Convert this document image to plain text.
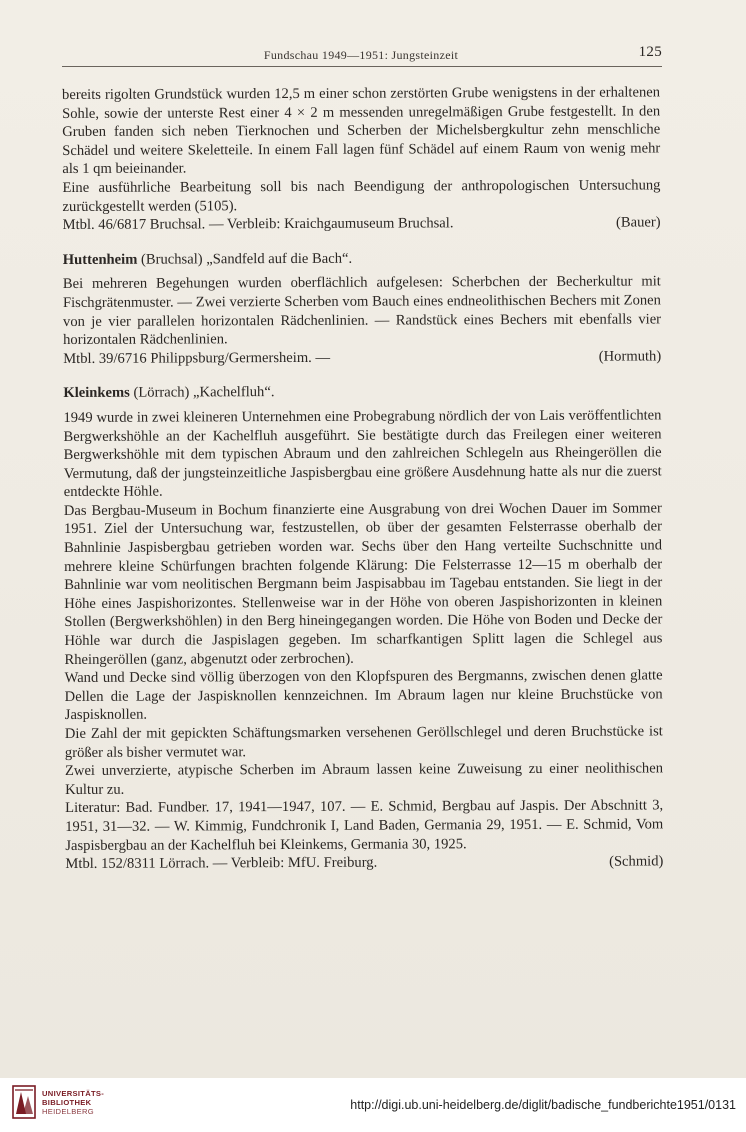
Fundschau 1949—1951: Jungsteinzeit	125

bereits rigolten Grundstück wurden 12,5 m einer schon zerstörten Grube wenigstens in der erhaltenen Sohle, sowie der unterste Rest einer 4 × 2 m messenden unregelmäßigen Grube festgestellt. In den Gruben fanden sich neben Tierknochen und Scherben der Michelsbergkultur zehn menschliche Schädel und weitere Skeletteile. In einem Fall lagen fünf Schädel auf einem Raum von wenig mehr als 1 qm beieinander.

Eine ausführliche Bearbeitung soll bis nach Beendigung der anthropologischen Untersuchung zurückgestellt werden (5105).

Mtbl. 46/6817 Bruchsal. — Verbleib: Kraichgaumuseum Bruchsal.	(Bauer)

Huttenheim (Bruchsal) „Sandfeld auf die Bach“.

Bei mehreren Begehungen wurden oberflächlich aufgelesen: Scherbchen der Becherkultur mit Fischgrätenmuster. — Zwei verzierte Scherben vom Bauch eines endneolithischen Bechers mit Zonen von je vier parallelen horizontalen Rädchenlinien. — Randstück eines Bechers mit ebenfalls vier horizontalen Rädchenlinien.

Mtbl. 39/6716 Philippsburg/Germersheim. —	(Hormuth)

Kleinkems (Lörrach) „Kachelfluh“.

1949 wurde in zwei kleineren Unternehmen eine Probegrabung nördlich der von Lais veröffentlichten Bergwerkshöhle an der Kachelfluh ausgeführt. Sie bestätigte durch das Freilegen einer weiteren Bergwerkshöhle mit dem typischen Abraum und den zahlreichen Schlegeln aus Rheingeröllen die Vermutung, daß der jungsteinzeitliche Jaspisbergbau eine größere Ausdehnung hatte als nur die zuerst entdeckte Höhle.

Das Bergbau-Museum in Bochum finanzierte eine Ausgrabung von drei Wochen Dauer im Sommer 1951. Ziel der Untersuchung war, festzustellen, ob über der gesamten Felsterrasse oberhalb der Bahnlinie Jaspisbergbau getrieben worden war. Sechs über den Hang verteilte Suchschnitte und mehrere kleine Schürfungen brachten folgende Klärung: Die Felsterrasse 12—15 m oberhalb der Bahnlinie war vom neolitischen Bergmann beim Jaspisabbau im Tagebau entstanden. Sie liegt in der Höhe eines Jaspishorizontes. Stellenweise war in der Höhe von oberen Jaspishorizonten in kleinen Stollen (Bergwerkshöhlen) in den Berg hineingegangen worden. Die Höhe von Boden und Decke der Höhle war durch die Jaspislagen gegeben. Im scharfkantigen Splitt lagen die Schlegel aus Rheingeröllen (ganz, abgenutzt oder zerbrochen).

Wand und Decke sind völlig überzogen von den Klopfspuren des Bergmanns, zwischen denen glatte Dellen die Lage der Jaspisknollen kennzeichnen. Im Abraum lagen nur kleine Bruchstücke von Jaspisknollen.

Die Zahl der mit gepickten Schäftungsmarken versehenen Geröllschlegel und deren Bruchstücke ist größer als bisher vermutet war.

Zwei unverzierte, atypische Scherben im Abraum lassen keine Zuweisung zu einer neolithischen Kultur zu.

Literatur: Bad. Fundber. 17, 1941—1947, 107. — E. Schmid, Bergbau auf Jaspis. Der Abschnitt 3, 1951, 31—32. — W. Kimmig, Fundchronik I, Land Baden, Germania 29, 1951. — E. Schmid, Vom Jaspisbergbau an der Kachelfluh bei Kleinkems, Germania 30, 1925.

Mtbl. 152/8311 Lörrach. — Verbleib: MfU. Freiburg.	(Schmid)

UNIVERSITÄTS-
BIBLIOTHEK
HEIDELBERG	http://digi.ub.uni-heidelberg.de/diglit/badische_fundberichte1951/0131
